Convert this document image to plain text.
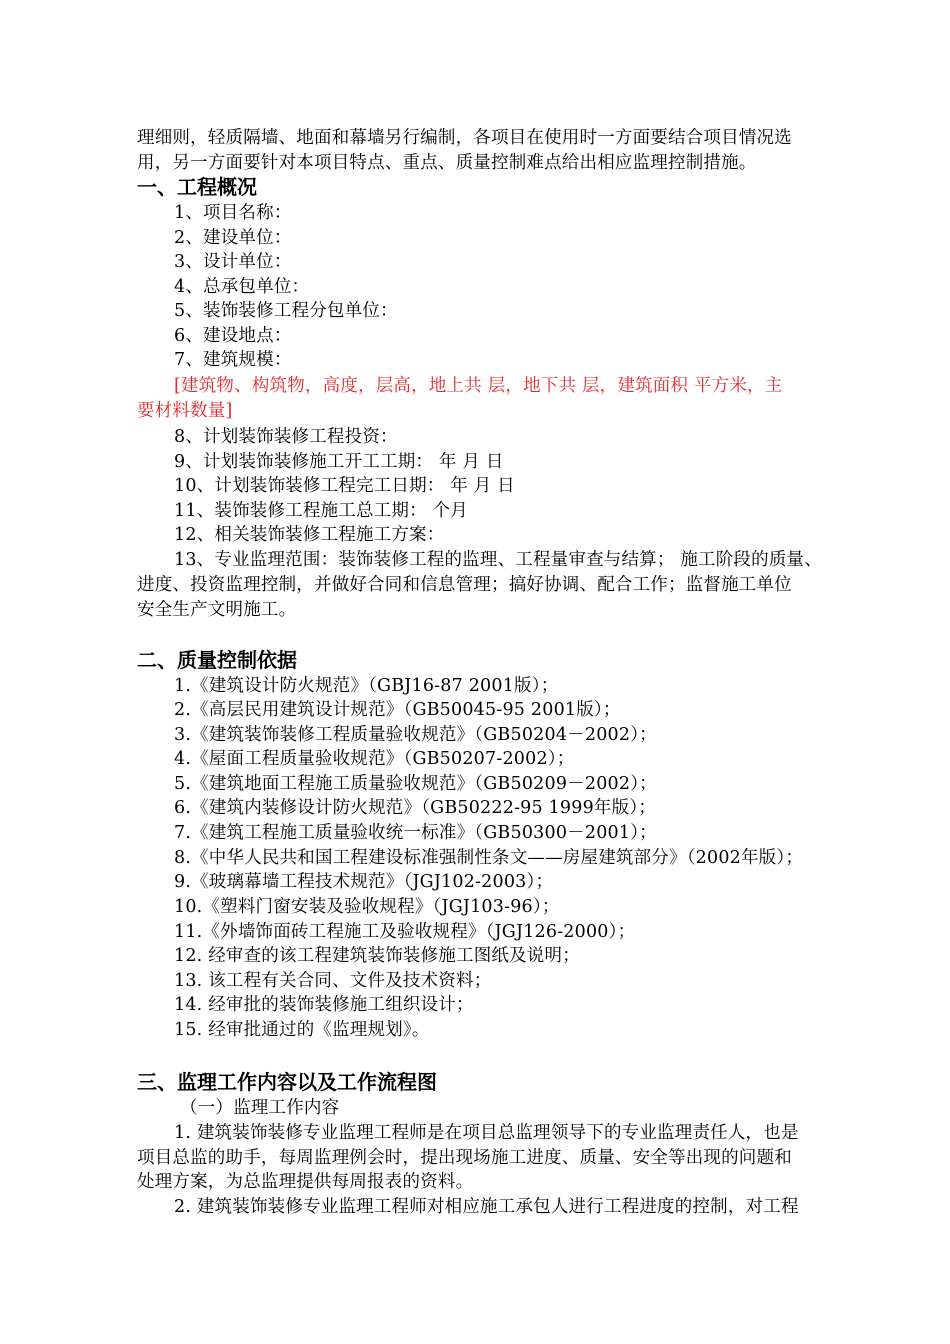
理细则，轻质隔墙、地面和幕墙另行编制，各项目在使用时一方面要结合项目情况选
用，另一方面要针对本项目特点、重点、质量控制难点给出相应监理控制措施。
一、工程概况
1、项目名称：
2、建设单位：
3、设计单位：
4、总承包单位：
5、装饰装修工程分包单位：
6、建设地点：
7、建筑规模：
[建筑物、构筑物，高度，层高，地上共 层，地下共 层，建筑面积 平方米，主
要材料数量]
8、计划装饰装修工程投资：
9、计划装饰装修施工开工工期： 年 月 日
10、计划装饰装修工程完工日期： 年 月 日
11、装饰装修工程施工总工期： 个月
12、相关装饰装修工程施工方案：
13、专业监理范围：装饰装修工程的监理、工程量审查与结算； 施工阶段的质量、
进度、投资监理控制，并做好合同和信息管理；搞好协调、配合工作；监督施工单位
安全生产文明施工。
二、质量控制依据
1.《建筑设计防火规范》（GBJ16-87 2001版）；
2.《高层民用建筑设计规范》（GB50045-95 2001版）；
3.《建筑装饰装修工程质量验收规范》（GB50204－2002）；
4.《屋面工程质量验收规范》（GB50207-2002）；
5.《建筑地面工程施工质量验收规范》（GB50209－2002）；
6.《建筑内装修设计防火规范》（GB50222-95 1999年版）；
7.《建筑工程施工质量验收统一标准》（GB50300－2001）；
8.《中华人民共和国工程建设标准强制性条文——房屋建筑部分》（2002年版）；
9.《玻璃幕墙工程技术规范》（JGJ102-2003）；
10.《塑料门窗安装及验收规程》（JGJ103-96）；
11.《外墙饰面砖工程施工及验收规程》（JGJ126-2000）；
12. 经审查的该工程建筑装饰装修施工图纸及说明；
13. 该工程有关合同、文件及技术资料；
14. 经审批的装饰装修施工组织设计；
15. 经审批通过的《监理规划》。
三、监理工作内容以及工作流程图
（一）监理工作内容
1. 建筑装饰装修专业监理工程师是在项目总监理领导下的专业监理责任人，也是
项目总监的助手，每周监理例会时，提出现场施工进度、质量、安全等出现的问题和
处理方案，为总监理提供每周报表的资料。
2. 建筑装饰装修专业监理工程师对相应施工承包人进行工程进度的控制，对工程
